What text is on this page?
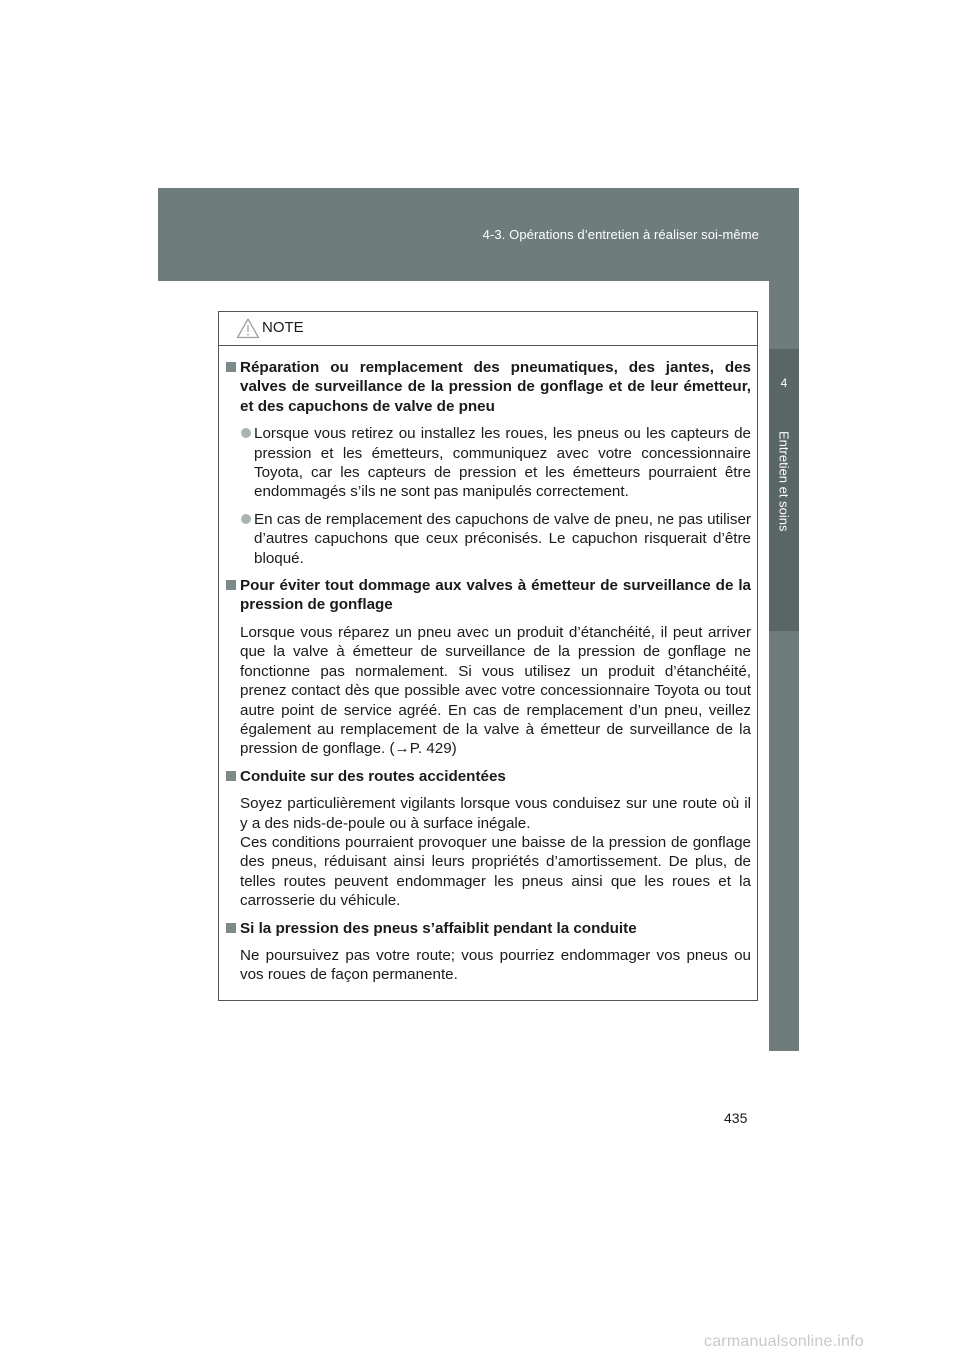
4-3. Opérations d’entretien à réaliser soi-même
4
Entretien et soins
NOTE
Réparation ou remplacement des pneumatiques, des jantes, des valves de surveillance de la pression de gonflage et de leur émetteur, et des capuchons de valve de pneu
Lorsque vous retirez ou installez les roues, les pneus ou les capteurs de pression et les émetteurs, communiquez avec votre concessionnaire Toyota, car les capteurs de pression et les émetteurs pourraient être endommagés s’ils ne sont pas manipulés correctement.
En cas de remplacement des capuchons de valve de pneu, ne pas utiliser d’autres capuchons que ceux préconisés. Le capuchon risquerait d’être bloqué.
Pour éviter tout dommage aux valves à émetteur de surveillance de la pression de gonflage
Lorsque vous réparez un pneu avec un produit d’étanchéité, il peut arriver que la valve à émetteur de surveillance de la pression de gonflage ne fonctionne pas normalement. Si vous utilisez un produit d’étanchéité, prenez contact dès que possible avec votre concessionnaire Toyota ou tout autre point de service agréé. En cas de remplacement d’un pneu, veillez également au remplacement de la valve à émetteur de surveillance de la pression de gonflage. (→P. 429)
Conduite sur des routes accidentées
Soyez particulièrement vigilants lorsque vous conduisez sur une route où il y a des nids-de-poule ou à surface inégale.
Ces conditions pourraient provoquer une baisse de la pression de gonflage des pneus, réduisant ainsi leurs propriétés d’amortissement. De plus, de telles routes peuvent endommager les pneus ainsi que les roues et la carrosserie du véhicule.
Si la pression des pneus s’affaiblit pendant la conduite
Ne poursuivez pas votre route; vous pourriez endommager vos pneus ou vos roues de façon permanente.
435
carmanualsonline.info
